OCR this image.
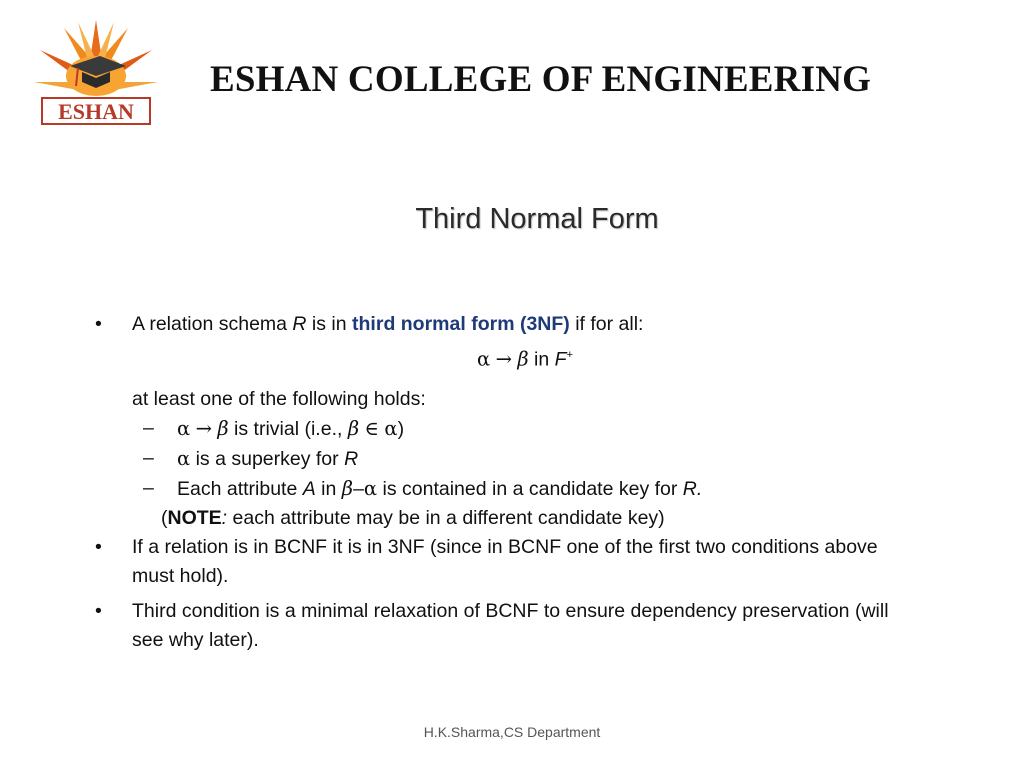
ESHAN
ESHAN COLLEGE OF ENGINEERING
Third Normal Form
•	A relation schema R is in third normal form (3NF) if for all:
α → β in F+
at least one of the following holds:
– α → β is trivial (i.e., β ∈ α)
– α is a superkey for R
– Each attribute A in β–α is contained in a candidate key for R.
(NOTE: each attribute may be in a different candidate key)
•	If a relation is in BCNF it is in 3NF (since in BCNF one of the first two conditions above must hold).
•	Third condition is a minimal relaxation of BCNF to ensure dependency preservation (will see why later).
H.K.Sharma,CS Department
